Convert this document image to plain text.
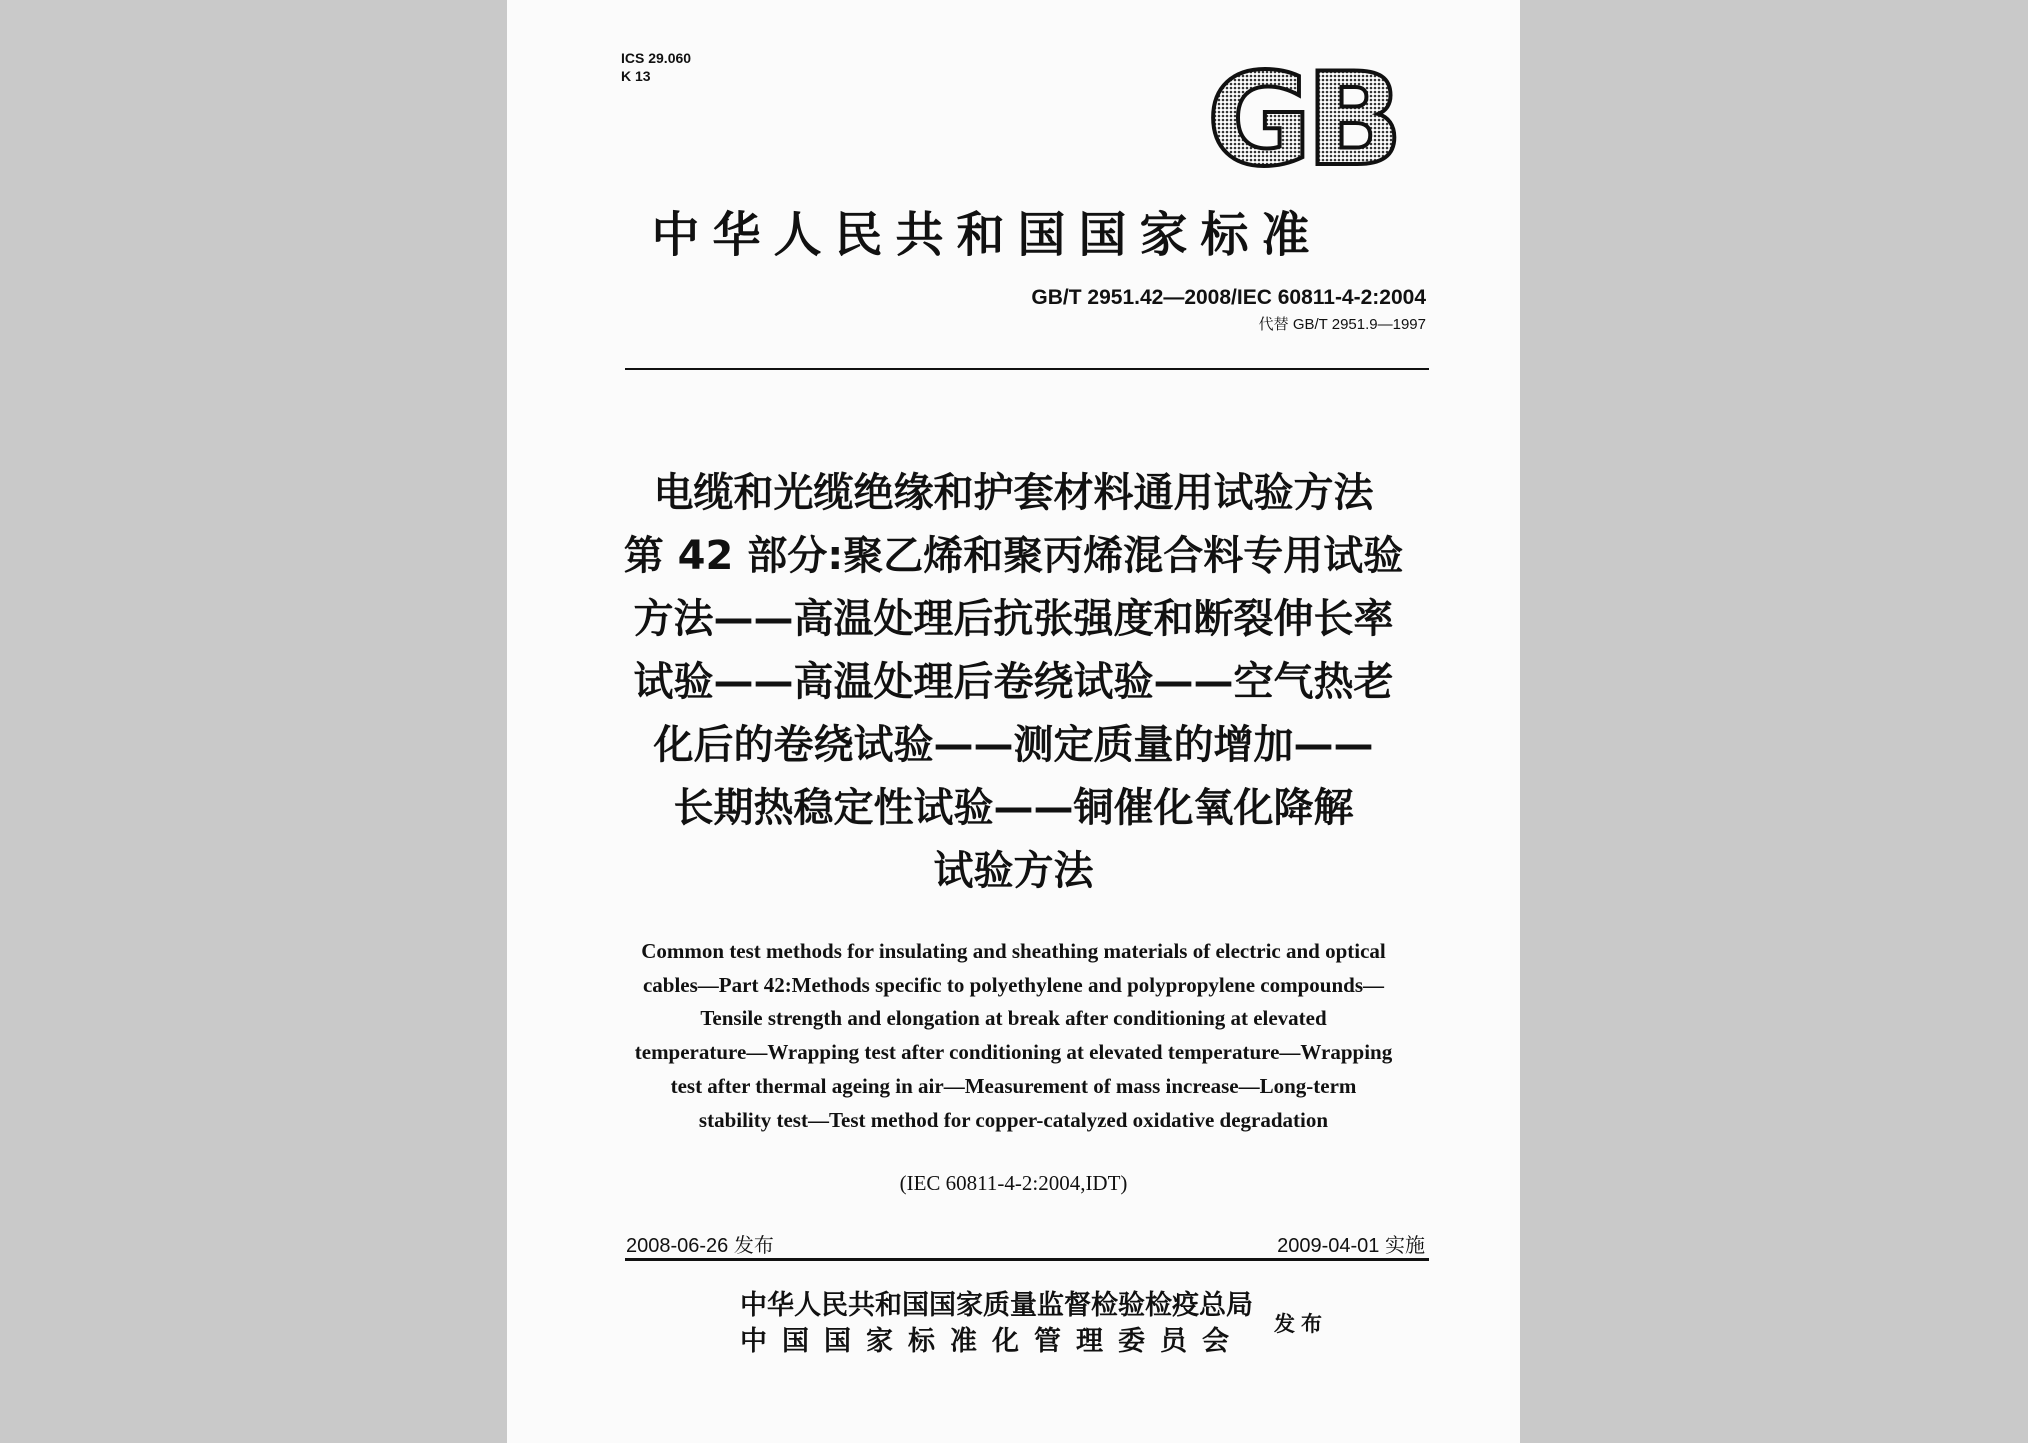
ICS 29.060
K 13	GB
中华人民共和国国家标准
GB/T 2951.42—2008/IEC 60811-4-2:2004
代替 GB/T 2951.9—1997
电缆和光缆绝缘和护套材料通用试验方法
第 42 部分:聚乙烯和聚丙烯混合料专用试验
方法——高温处理后抗张强度和断裂伸长率
试验——高温处理后卷绕试验——空气热老
化后的卷绕试验——测定质量的增加——
长期热稳定性试验——铜催化氧化降解
试验方法
Common test methods for insulating and sheathing materials of electric and optical
cables—Part 42:Methods specific to polyethylene and polypropylene compounds—
Tensile strength and elongation at break after conditioning at elevated
temperature—Wrapping test after conditioning at elevated temperature—Wrapping
test after thermal ageing in air—Measurement of mass increase—Long-term
stability test—Test method for copper-catalyzed oxidative degradation
(IEC 60811-4-2:2004,IDT)
2008-06-26 发布	2009-04-01 实施
中华人民共和国国家质量监督检验检疫总局
中国国家标准化管理委员会
发布
